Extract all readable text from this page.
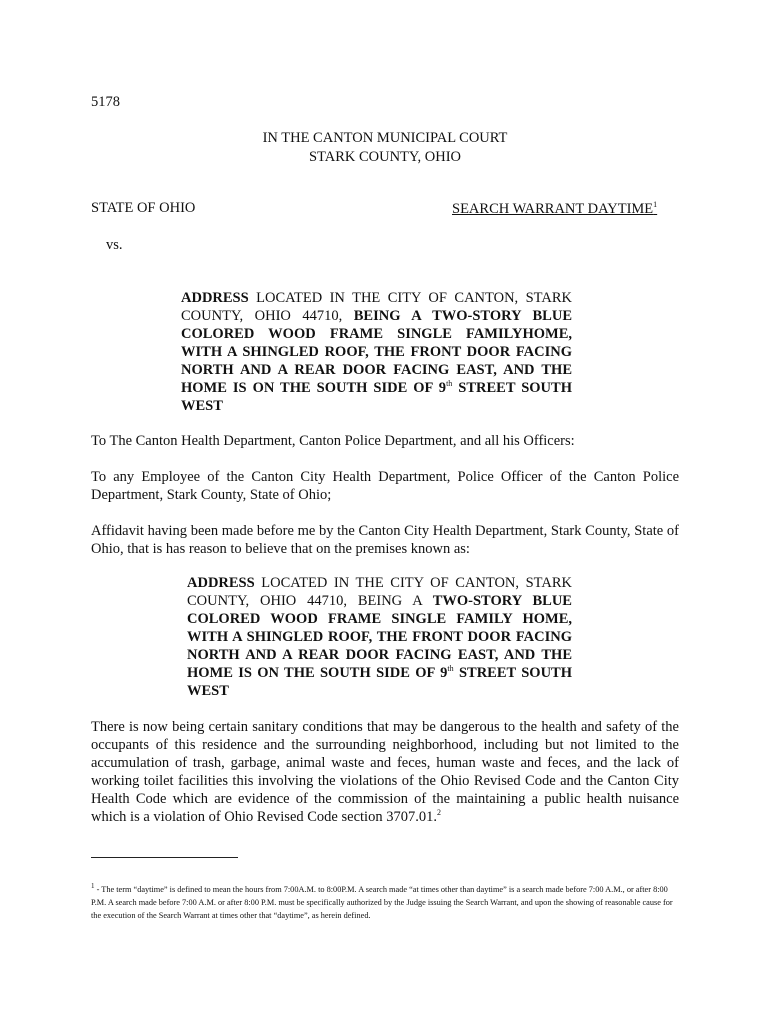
5178
IN THE CANTON MUNICIPAL COURT
STARK COUNTY, OHIO
STATE OF OHIO	SEARCH WARRANT DAYTIME$^1$
vs.
ADDRESS LOCATED IN THE CITY OF CANTON, STARK COUNTY, OHIO 44710, BEING A TWO-STORY BLUE COLORED WOOD FRAME SINGLE FAMILYHOME, WITH A SHINGLED ROOF, THE FRONT DOOR FACING NORTH AND A REAR DOOR FACING EAST, AND THE HOME IS ON THE SOUTH SIDE OF 9th STREET SOUTH WEST
To The Canton Health Department, Canton Police Department, and all his Officers:
To any Employee of the Canton City Health Department, Police Officer of the Canton Police Department, Stark County, State of Ohio;
Affidavit having been made before me by the Canton City Health Department, Stark County, State of Ohio, that is has reason to believe that on the premises known as:
ADDRESS LOCATED IN THE CITY OF CANTON, STARK COUNTY, OHIO 44710, BEING A TWO-STORY BLUE COLORED WOOD FRAME SINGLE FAMILY HOME, WITH A SHINGLED ROOF, THE FRONT DOOR FACING NORTH AND A REAR DOOR FACING EAST, AND THE HOME IS ON THE SOUTH SIDE OF 9th STREET SOUTH WEST
There is now being certain sanitary conditions that may be dangerous to the health and safety of the occupants of this residence and the surrounding neighborhood, including but not limited to the accumulation of trash, garbage, animal waste and feces, human waste and feces, and the lack of working toilet facilities this involving the violations of the Ohio Revised Code and the Canton City Health Code which are evidence of the commission of the maintaining a public health nuisance which is a violation of Ohio Revised Code section 3707.01.$^2$
$^1$ - The term “daytime” is defined to mean the hours from 7:00A.M. to 8:00P.M. A search made “at times other than daytime” is a search made before 7:00 A.M., or after 8:00 P.M. A search made before 7:00 A.M. or after 8:00 P.M. must be specifically authorized by the Judge issuing the Search Warrant, and upon the showing of reasonable cause for the execution of the Search Warrant at times other that “daytime”, as herein defined.
